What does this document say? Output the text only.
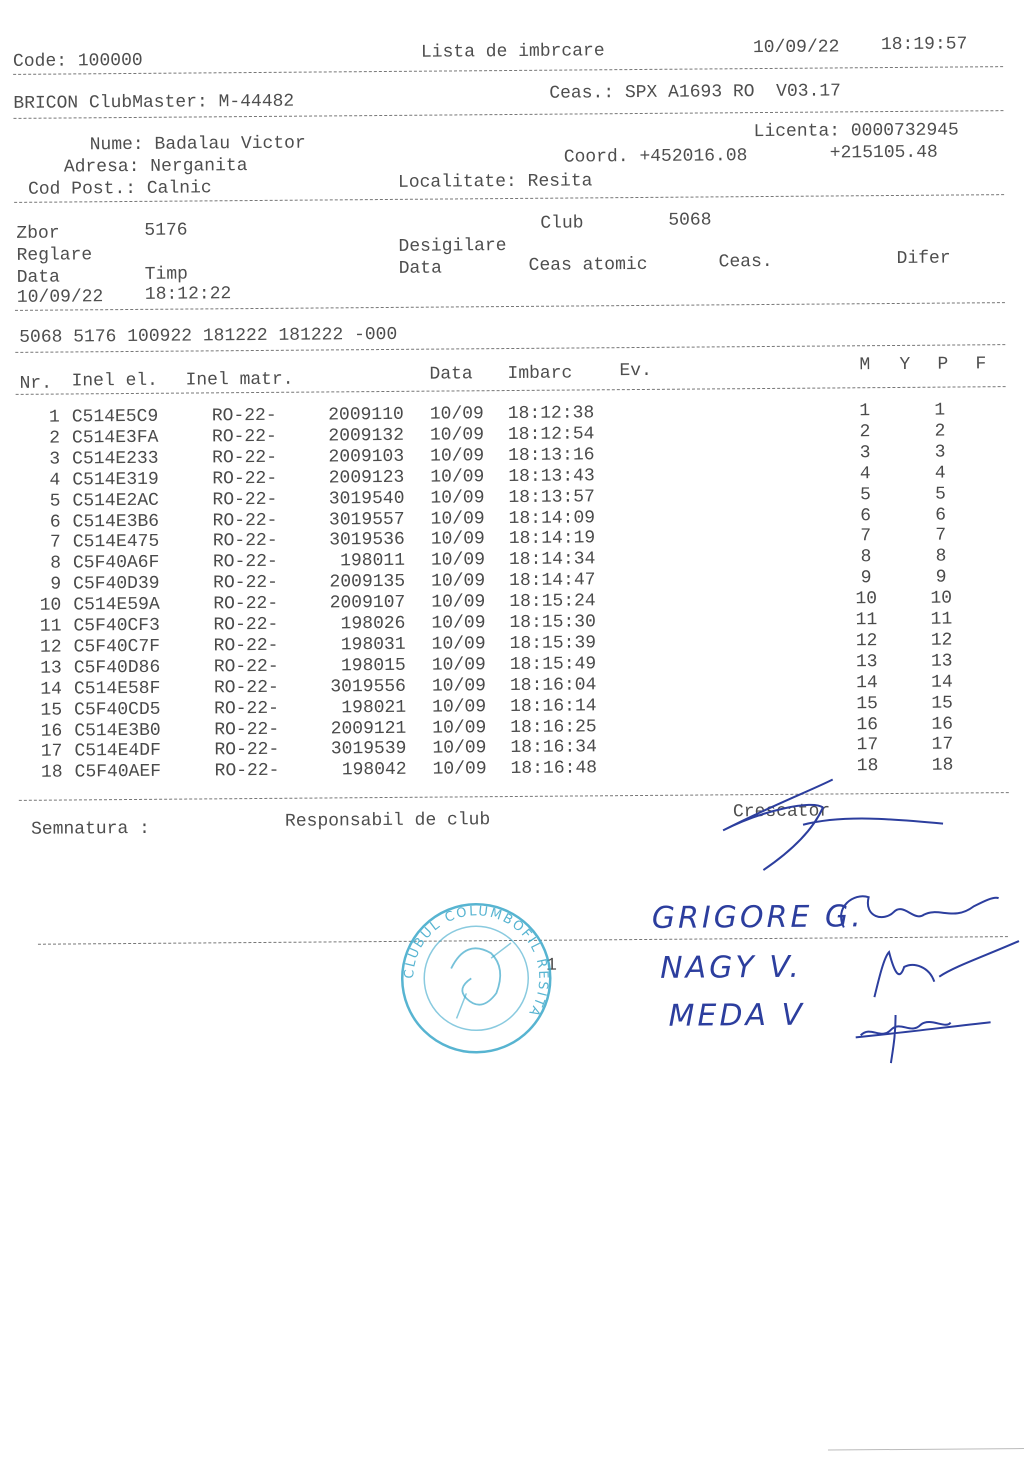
Code: 100000	Lista de imbrcare	10/09/22 18:19:57
BRICON ClubMaster: M-44482	Ceas.: SPX A1693 RO  V03.17
Nume: Badalau Victor
Licenta: 0000732945
Adresa: Nerganita	Coord. +452016.08	+215105.48
Cod Post.: Calnic	Localitate: Resita
Zbor	5176	Club	5068
Reglare	Desigilare
Data	Timp	Data	Ceas atomic	Ceas.	Difer
10/09/22 18:12:22
5068 5176 100922 181222 181222 -000
Nr. Inel el. Inel matr.	Data Imbarc	Ev.	M Y P F
1 C514E5C9	RO-22-	2009110 10/09 18:12:38	1	1
2 C514E3FA	RO-22-	2009132 10/09 18:12:54	2	2
3 C514E233	RO-22-	2009103 10/09 18:13:16	3	3
4 C514E319	RO-22-	2009123 10/09 18:13:43	4	4
5 C514E2AC	RO-22-	3019540 10/09 18:13:57	5	5
6 C514E3B6	RO-22-	3019557 10/09 18:14:09	6	6
7 C514E475	RO-22-	3019536 10/09 18:14:19	7	7
8 C5F40A6F	RO-22-	198011 10/09 18:14:34	8	8
9 C5F40D39	RO-22-	2009135 10/09 18:14:47	9	9
10 C514E59A	RO-22-	2009107 10/09 18:15:24	10	10
11 C5F40CF3	RO-22-	198026 10/09 18:15:30	11	11
12 C5F40C7F	RO-22-	198031 10/09 18:15:39	12	12
13 C5F40D86	RO-22-	198015 10/09 18:15:49	13	13
14 C514E58F	RO-22-	3019556 10/09 18:16:04	14	14
15 C5F40CD5	RO-22-	198021 10/09 18:16:14	15	15
16 C514E3B0	RO-22-	2009121 10/09 18:16:25	16	16
17 C514E4DF	RO-22-	3019539 10/09 18:16:34	17	17
18 C5F40AEF	RO-22-	198042 10/09 18:16:48	18	18
Semnatura :	Responsabil de club	Crescator
1
CLUBUL COLUMBOFIL RESITA
GRIGORE G.
NAGY V.
MEDA V
